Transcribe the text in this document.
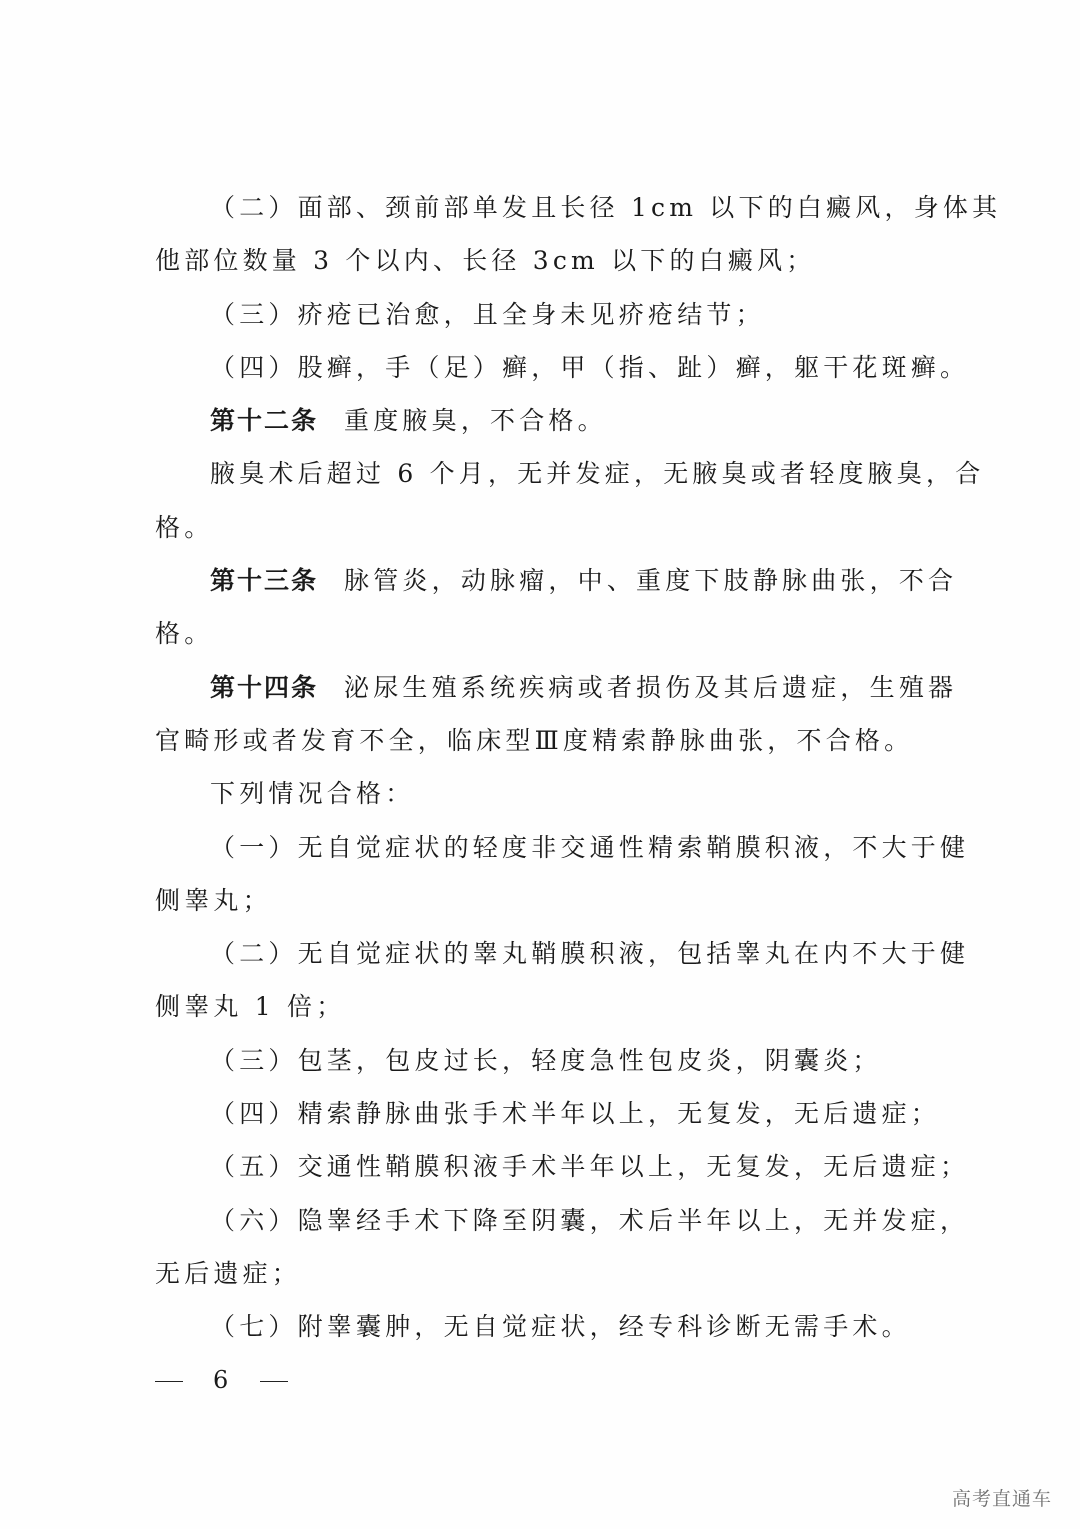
（二）面部、颈前部单发且长径 1cm 以下的白癜风，身体其
他部位数量 3 个以内、长径 3cm 以下的白癜风；
（三）疥疮已治愈，且全身未见疥疮结节；
（四）股癣，手（足）癣，甲（指、趾）癣，躯干花斑癣。
第十二条 重度腋臭，不合格。
腋臭术后超过 6 个月，无并发症，无腋臭或者轻度腋臭，合
格。
第十三条 脉管炎，动脉瘤，中、重度下肢静脉曲张，不合
格。
第十四条 泌尿生殖系统疾病或者损伤及其后遗症，生殖器
官畸形或者发育不全，临床型Ⅲ度精索静脉曲张，不合格。
下列情况合格：
（一）无自觉症状的轻度非交通性精索鞘膜积液，不大于健
侧睾丸；
（二）无自觉症状的睾丸鞘膜积液，包括睾丸在内不大于健
侧睾丸 1 倍；
（三）包茎，包皮过长，轻度急性包皮炎，阴囊炎；
（四）精索静脉曲张手术半年以上，无复发，无后遗症；
（五）交通性鞘膜积液手术半年以上，无复发，无后遗症；
（六）隐睾经手术下降至阴囊，术后半年以上，无并发症，
无后遗症；
（七）附睾囊肿，无自觉症状，经专科诊断无需手术。
6
高考直通车
